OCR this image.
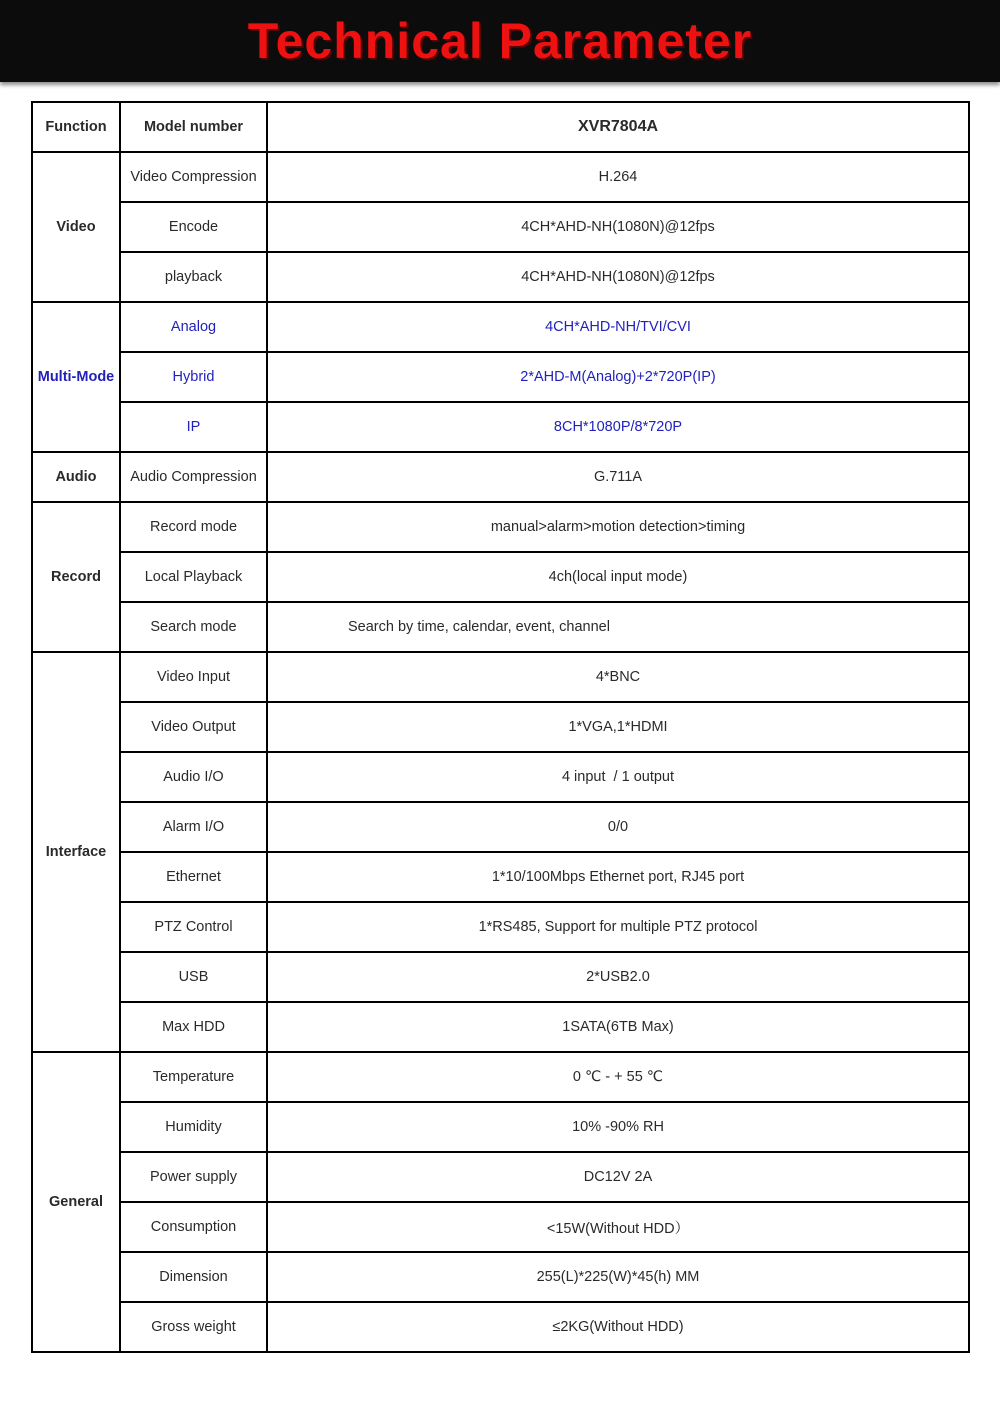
Technical Parameter
Function	Model number	XVR7804A
Video	Video Compression	H.264
	Encode	4CH*AHD-NH(1080N)@12fps
	playback	4CH*AHD-NH(1080N)@12fps
Multi-Mode	Analog	4CH*AHD-NH/TVI/CVI
	Hybrid	2*AHD-M(Analog)+2*720P(IP)
	IP	8CH*1080P/8*720P
Audio	Audio Compression	G.711A
Record	Record mode	manual>alarm>motion detection>timing
	Local Playback	4ch(local input mode)
	Search mode	Search by time, calendar, event, channel
Interface	Video Input	4*BNC
	Video Output	1*VGA,1*HDMI
	Audio I/O	4 input  / 1 output
	Alarm I/O	0/0
	Ethernet	1*10/100Mbps Ethernet port, RJ45 port
	PTZ Control	1*RS485, Support for multiple PTZ protocol
	USB	2*USB2.0
	Max HDD	1SATA(6TB Max)
General	Temperature	0 ℃ - + 55 ℃
	Humidity	10% -90% RH
	Power supply	DC12V 2A
	Consumption	<15W(Without HDD）
	Dimension	255(L)*225(W)*45(h) MM
	Gross weight	≤2KG(Without HDD)
